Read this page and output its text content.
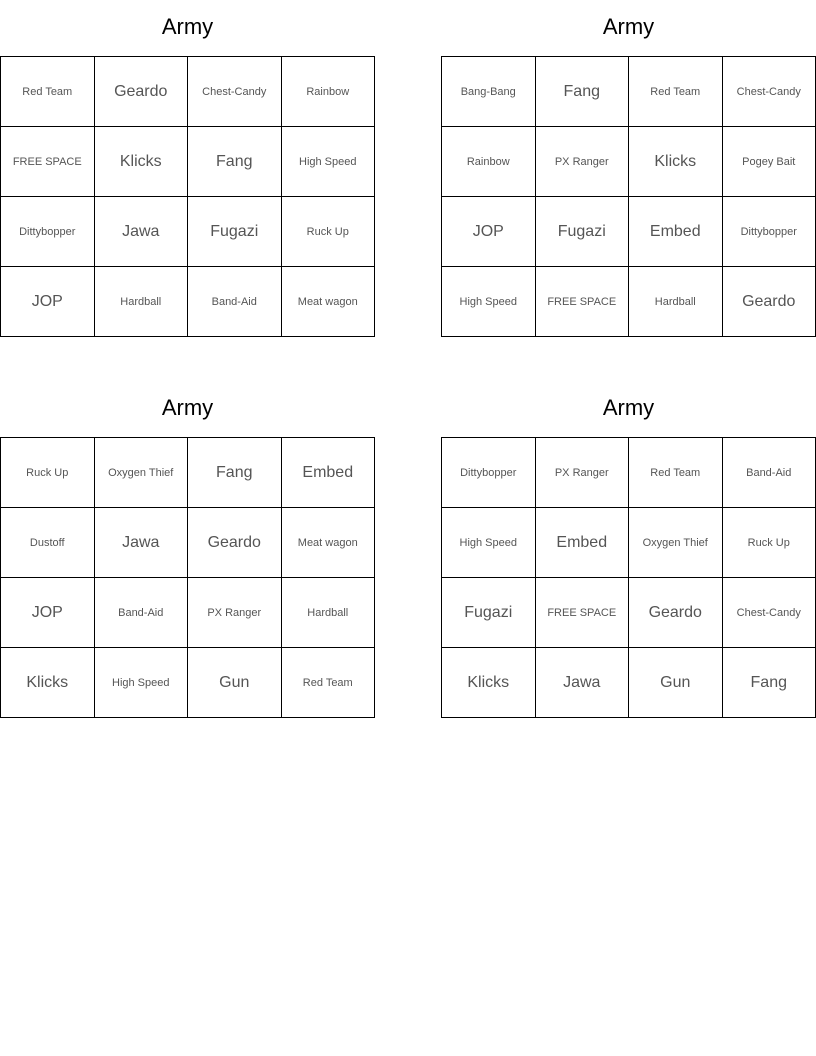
Army
Red Team	Geardo	Chest-Candy	Rainbow
FREE SPACE	Klicks	Fang	High Speed
Dittybopper	Jawa	Fugazi	Ruck Up
JOP	Hardball	Band-Aid	Meat wagon
Army
Bang-Bang	Fang	Red Team	Chest-Candy
Rainbow	PX Ranger	Klicks	Pogey Bait
JOP	Fugazi	Embed	Dittybopper
High Speed	FREE SPACE	Hardball	Geardo
Army
Ruck Up	Oxygen Thief	Fang	Embed
Dustoff	Jawa	Geardo	Meat wagon
JOP	Band-Aid	PX Ranger	Hardball
Klicks	High Speed	Gun	Red Team
Army
Dittybopper	PX Ranger	Red Team	Band-Aid
High Speed	Embed	Oxygen Thief	Ruck Up
Fugazi	FREE SPACE	Geardo	Chest-Candy
Klicks	Jawa	Gun	Fang
